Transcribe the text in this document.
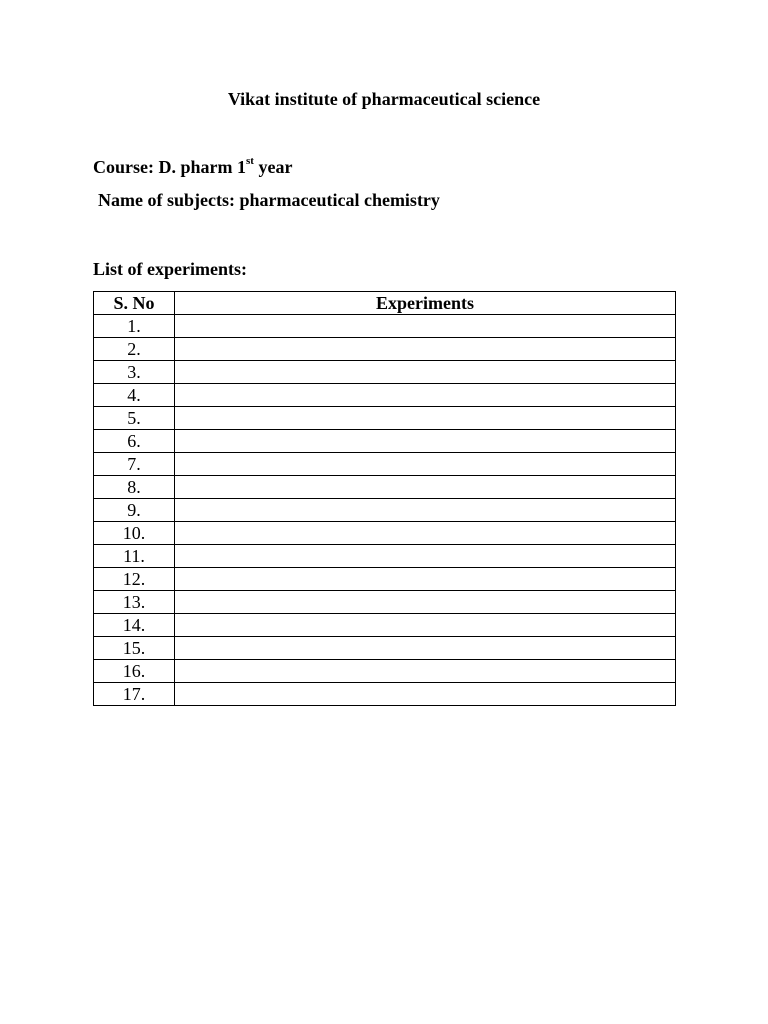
Vikat institute of pharmaceutical science
Course: D. pharm 1st year
Name of subjects: pharmaceutical chemistry
List of experiments:
S. No	Experiments
1.	
2.	
3.	
4.	
5.	
6.	
7.	
8.	
9.	
10.	
11.	
12.	
13.	
14.	
15.	
16.	
17.	
